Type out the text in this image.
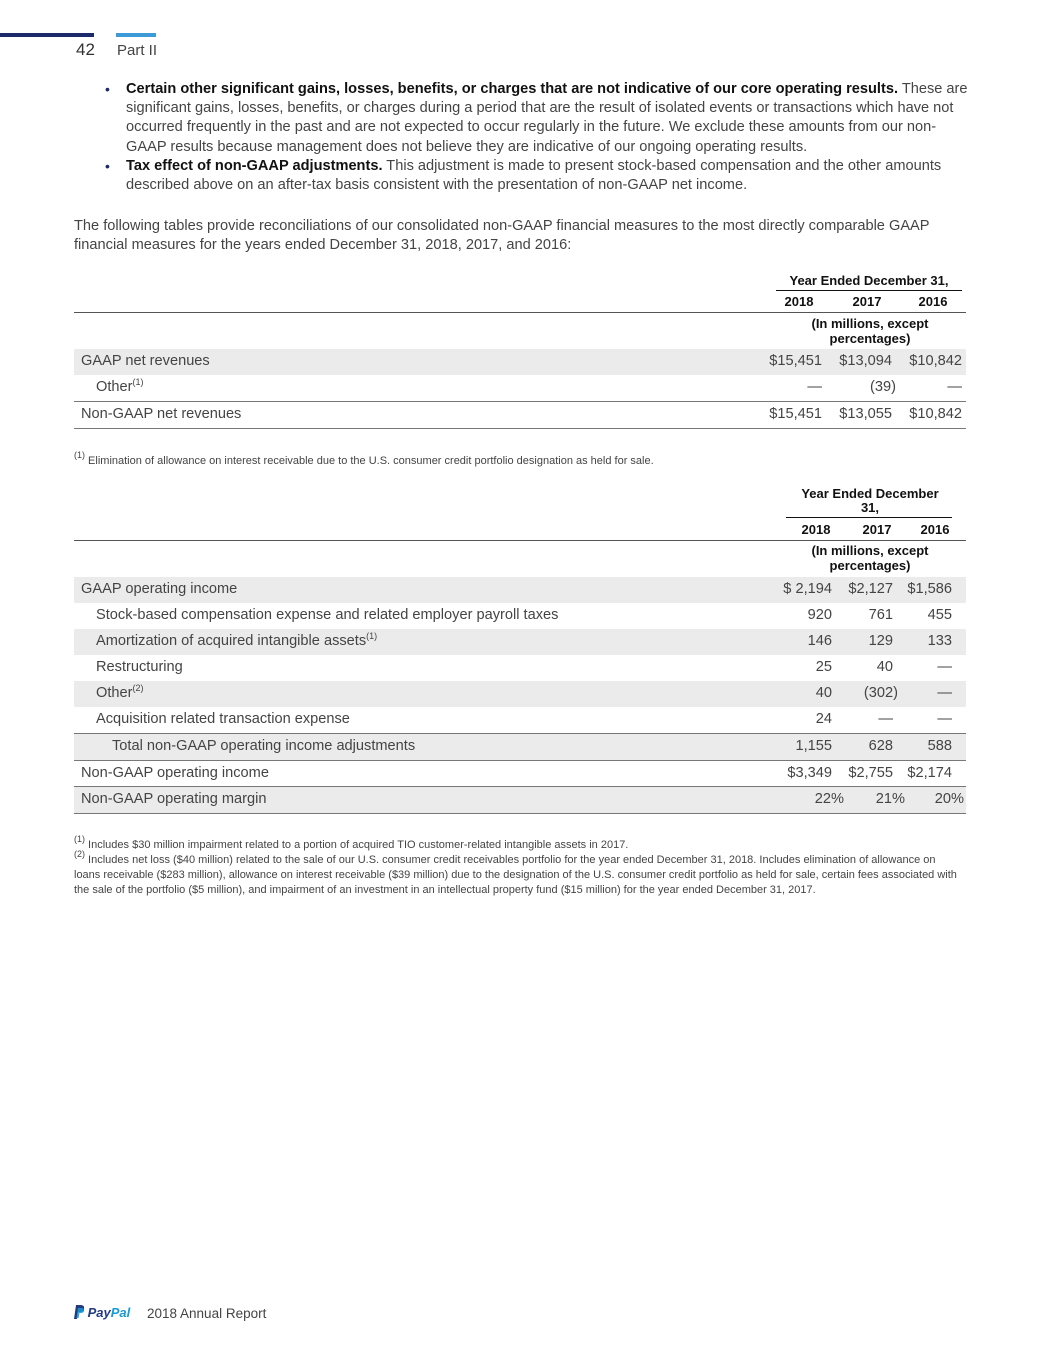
42 Part II
• Certain other significant gains, losses, benefits, or charges that are not indicative of our core operating results. These are significant gains, losses, benefits, or charges during a period that are the result of isolated events or transactions which have not occurred frequently in the past and are not expected to occur regularly in the future. We exclude these amounts from our non-GAAP results because management does not believe they are indicative of our ongoing operating results.
• Tax effect of non-GAAP adjustments. This adjustment is made to present stock-based compensation and the other amounts described above on an after-tax basis consistent with the presentation of non-GAAP net income.

The following tables provide reconciliations of our consolidated non-GAAP financial measures to the most directly comparable GAAP financial measures for the years ended December 31, 2018, 2017, and 2016:

Year Ended December 31,
2018	2017	2016
(In millions, except percentages)
GAAP net revenues	$15,451 $13,094 $10,842
Other$^{(1)}$	—	(39)	—
Non-GAAP net revenues	$15,451 $13,055 $10,842

$^{(1)}$ Elimination of allowance on interest receivable due to the U.S. consumer credit portfolio designation as held for sale.

Year Ended December 31,
2018	2017	2016
(In millions, except percentages)
GAAP operating income	$ 2,194 $2,127 $1,586
Stock-based compensation expense and related employer payroll taxes	920	761 455
Amortization of acquired intangible assets$^{(1)}$	146	129 133
Restructuring	25	40	—
Other$^{(2)}$	40 (302)	—
Acquisition related transaction expense	24	—	—
Total non-GAAP operating income adjustments	1,155	628 588
Non-GAAP operating income	$3,349 $2,755 $2,174
Non-GAAP operating margin	22% 21% 20%

$^{(1)}$ Includes $30 million impairment related to a portion of acquired TIO customer-related intangible assets in 2017.

$^{(2)}$ Includes net loss ($40 million) related to the sale of our U.S. consumer credit receivables portfolio for the year ended December 31, 2018. Includes elimination of allowance on loans receivable ($283 million), allowance on interest receivable ($39 million) due to the designation of the U.S. consumer credit portfolio as held for sale, certain fees associated with the sale of the portfolio ($5 million), and impairment of an investment in an intellectual property fund ($15 million) for the year ended December 31, 2017.

PayPal 2018 Annual Report
